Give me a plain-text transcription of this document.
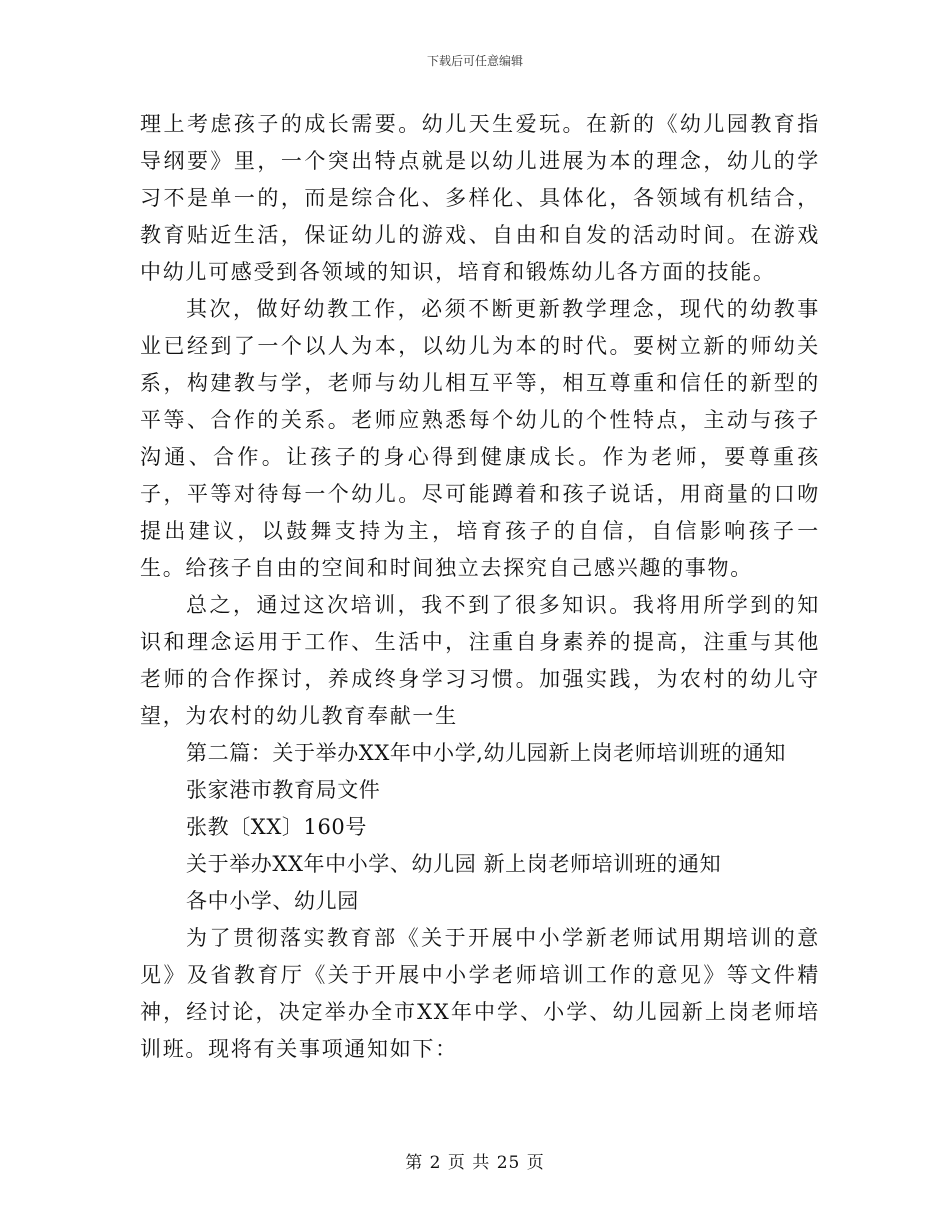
下载后可任意编辑

理上考虑孩子的成长需要。幼儿天生爱玩。在新的《幼儿园教育指导纲要》里，一个突出特点就是以幼儿进展为本的理念，幼儿的学习不是单一的，而是综合化、多样化、具体化，各领域有机结合，教育贴近生活，保证幼儿的游戏、自由和自发的活动时间。在游戏中幼儿可感受到各领域的知识，培育和锻炼幼儿各方面的技能。

其次，做好幼教工作，必须不断更新教学理念，现代的幼教事业已经到了一个以人为本，以幼儿为本的时代。要树立新的师幼关系，构建教与学，老师与幼儿相互平等，相互尊重和信任的新型的平等、合作的关系。老师应熟悉每个幼儿的个性特点，主动与孩子沟通、合作。让孩子的身心得到健康成长。作为老师，要尊重孩子，平等对待每一个幼儿。尽可能蹲着和孩子说话，用商量的口吻提出建议，以鼓舞支持为主，培育孩子的自信，自信影响孩子一生。给孩子自由的空间和时间独立去探究自己感兴趣的事物。

总之，通过这次培训，我不到了很多知识。我将用所学到的知识和理念运用于工作、生活中，注重自身素养的提高，注重与其他老师的合作探讨，养成终身学习习惯。加强实践，为农村的幼儿守望，为农村的幼儿教育奉献一生

第二篇：关于举办XX年中小学,幼儿园新上岗老师培训班的通知

张家港市教育局文件

张教〔XX〕160号

关于举办XX年中小学、幼儿园 新上岗老师培训班的通知

各中小学、幼儿园

为了贯彻落实教育部《关于开展中小学新老师试用期培训的意见》及省教育厅《关于开展中小学老师培训工作的意见》等文件精神，经讨论，决定举办全市XX年中学、小学、幼儿园新上岗老师培训班。现将有关事项通知如下：

第 2 页 共 25 页
